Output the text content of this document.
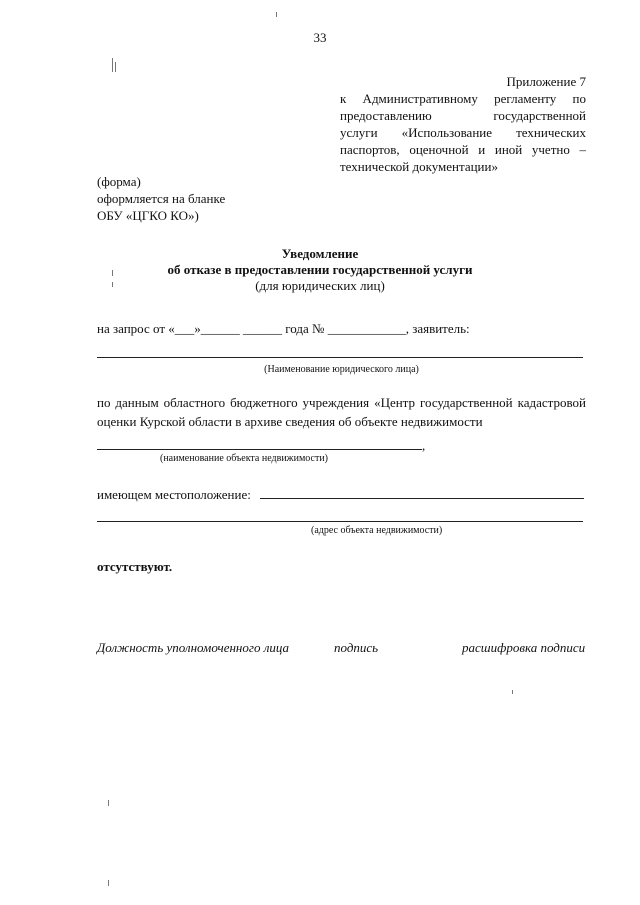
33
Приложение 7
к Административному регламенту по
предоставлению государственной
услуги «Использование технических
паспортов, оценочной и иной учетно –
технической документации»
(форма)
оформляется на бланке
ОБУ «ЦГКО КО»)
Уведомление
об отказе в предоставлении государственной услуги
(для юридических лиц)
на запрос от «___»______ ______ года № ____________, заявитель:
(Наименование юридического лица)
по данным областного бюджетного учреждения «Центр государственной кадастровой оценки Курской области в архиве сведения об объекте недвижимости
,
(наименование объекта недвижимости)
имеющем местоположение:
(адрес объекта недвижимости)
отсутствуют.
Должность уполномоченного лица	подпись	расшифровка подписи
